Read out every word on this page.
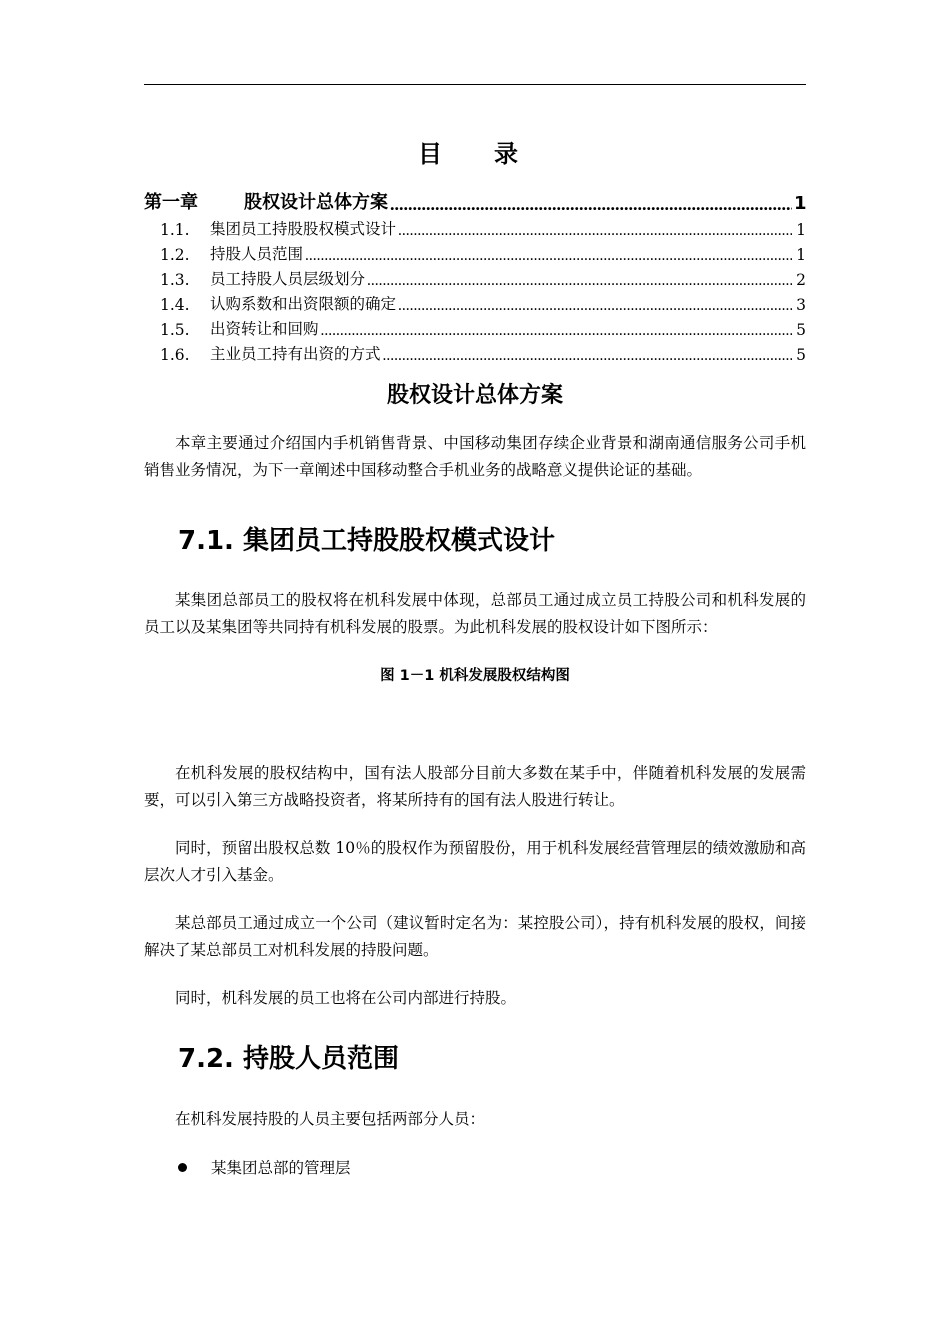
目　录
第一章	股权设计总体方案 .....	1
1.1.	集团员工持股股权模式设计 .....	1
1.2.	持股人员范围 .....	1
1.3.	员工持股人员层级划分 .....	2
1.4.	认购系数和出资限额的确定 .....	3
1.5.	出资转让和回购 .....	5
1.6.	主业员工持有出资的方式 .....	5
股权设计总体方案

本章主要通过介绍国内手机销售背景、中国移动集团存续企业背景和湖南通信服务公司手机销售业务情况，为下一章阐述中国移动整合手机业务的战略意义提供论证的基础。

7.1. 集团员工持股股权模式设计

某集团总部员工的股权将在机科发展中体现，总部员工通过成立员工持股公司和机科发展的员工以及某集团等共同持有机科发展的股票。为此机科发展的股权设计如下图所示：

图 1－1 机科发展股权结构图

在机科发展的股权结构中，国有法人股部分目前大多数在某手中，伴随着机科发展的发展需要，可以引入第三方战略投资者，将某所持有的国有法人股进行转让。

同时，预留出股权总数 10％的股权作为预留股份，用于机科发展经营管理层的绩效激励和高层次人才引入基金。

某总部员工通过成立一个公司（建议暂时定名为：某控股公司），持有机科发展的股权，间接解决了某总部员工对机科发展的持股问题。

同时，机科发展的员工也将在公司内部进行持股。

7.2. 持股人员范围

在机科发展持股的人员主要包括两部分人员：

某集团总部的管理层
